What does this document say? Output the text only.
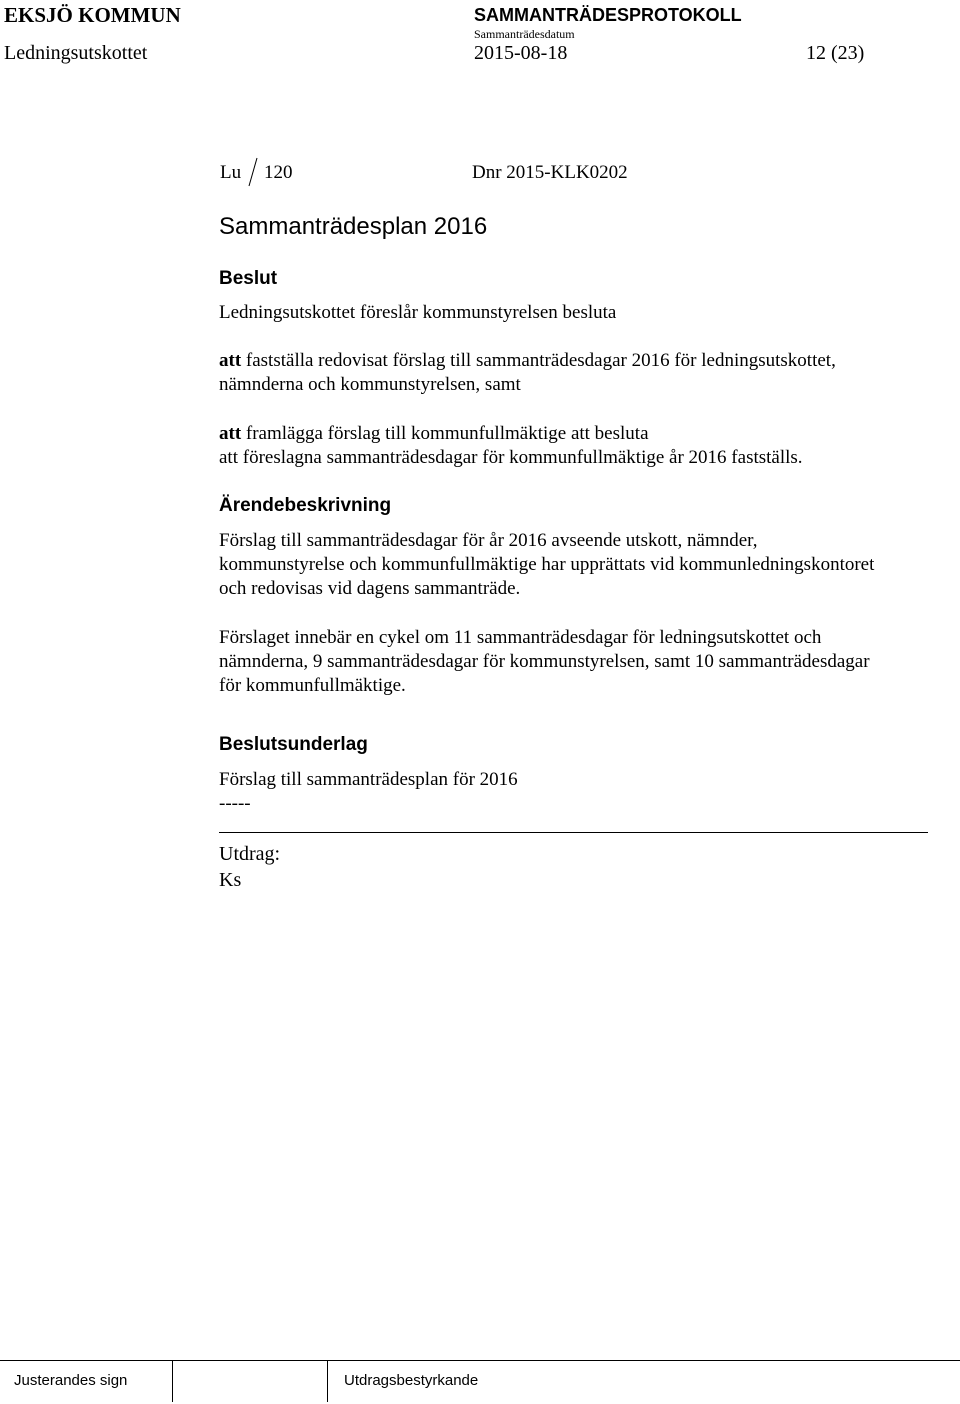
EKSJÖ KOMMUN	SAMMANTRÄDESPROTOKOLL
Sammanträdesdatum
Ledningsutskottet	2015-08-18	12 (23)
Lu 120	Dnr 2015-KLK0202
Sammanträdesplan 2016
Beslut

Ledningsutskottet föreslår kommunstyrelsen besluta

att fastställa redovisat förslag till sammanträdesdagar 2016 för ledningsutskottet,

nämnderna och kommunstyrelsen, samt

att framlägga förslag till kommunfullmäktige att besluta

att föreslagna sammanträdesdagar för kommunfullmäktige år 2016 fastställs.

Ärendebeskrivning

Förslag till sammanträdesdagar för år 2016 avseende utskott, nämnder,

kommunstyrelse och kommunfullmäktige har upprättats vid kommunledningskontoret

och redovisas vid dagens sammanträde.

Förslaget innebär en cykel om 11 sammanträdesdagar för ledningsutskottet och

nämnderna, 9 sammanträdesdagar för kommunstyrelsen, samt 10 sammanträdesdagar

för kommunfullmäktige.

Beslutsunderlag

Förslag till sammanträdesplan för 2016

-----

Utdrag:

Ks

Justerandes sign	Utdragsbestyrkande
